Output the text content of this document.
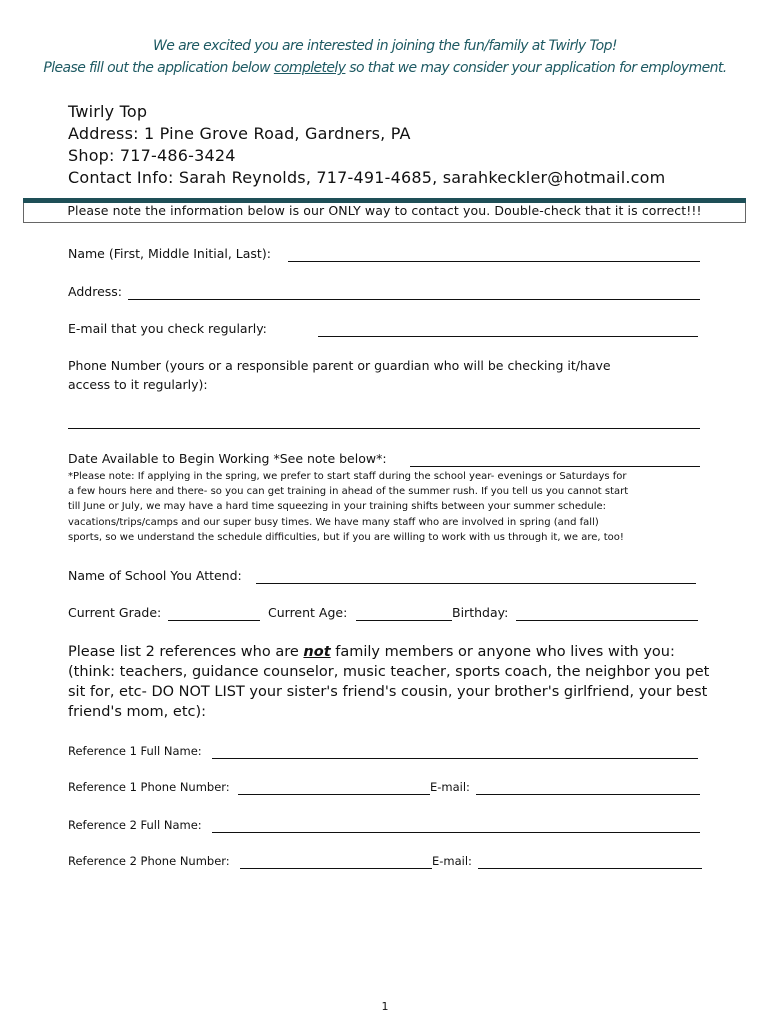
We are excited you are interested in joining the fun/family at Twirly Top!
Please fill out the application below completely so that we may consider your application for employment.
Twirly Top
Address: 1 Pine Grove Road, Gardners, PA
Shop: 717-486-3424
Contact Info: Sarah Reynolds, 717-491-4685, sarahkeckler@hotmail.com
Please note the information below is our ONLY way to contact you. Double-check that it is correct!!!
Name (First, Middle Initial, Last):
Address:
E-mail that you check regularly:
Phone Number (yours or a responsible parent or guardian who will be checking it/have
access to it regularly):
Date Available to Begin Working *See note below*:
*Please note: If applying in the spring, we prefer to start staff during the school year- evenings or Saturdays for
a few hours here and there- so you can get training in ahead of the summer rush. If you tell us you cannot start
till June or July, we may have a hard time squeezing in your training shifts between your summer schedule:
vacations/trips/camps and our super busy times. We have many staff who are involved in spring (and fall)
sports, so we understand the schedule difficulties, but if you are willing to work with us through it, we are, too!
Name of School You Attend:
Current Grade:	Current Age:	Birthday:
Please list 2 references who are not family members or anyone who lives with you: (think: teachers, guidance counselor, music teacher, sports coach, the neighbor you pet sit for, etc- DO NOT LIST your sister's friend's cousin, your brother's girlfriend, your best friend's mom, etc):
Reference 1 Full Name:
Reference 1 Phone Number:	E-mail:
Reference 2 Full Name:
Reference 2 Phone Number:	E-mail:
1
